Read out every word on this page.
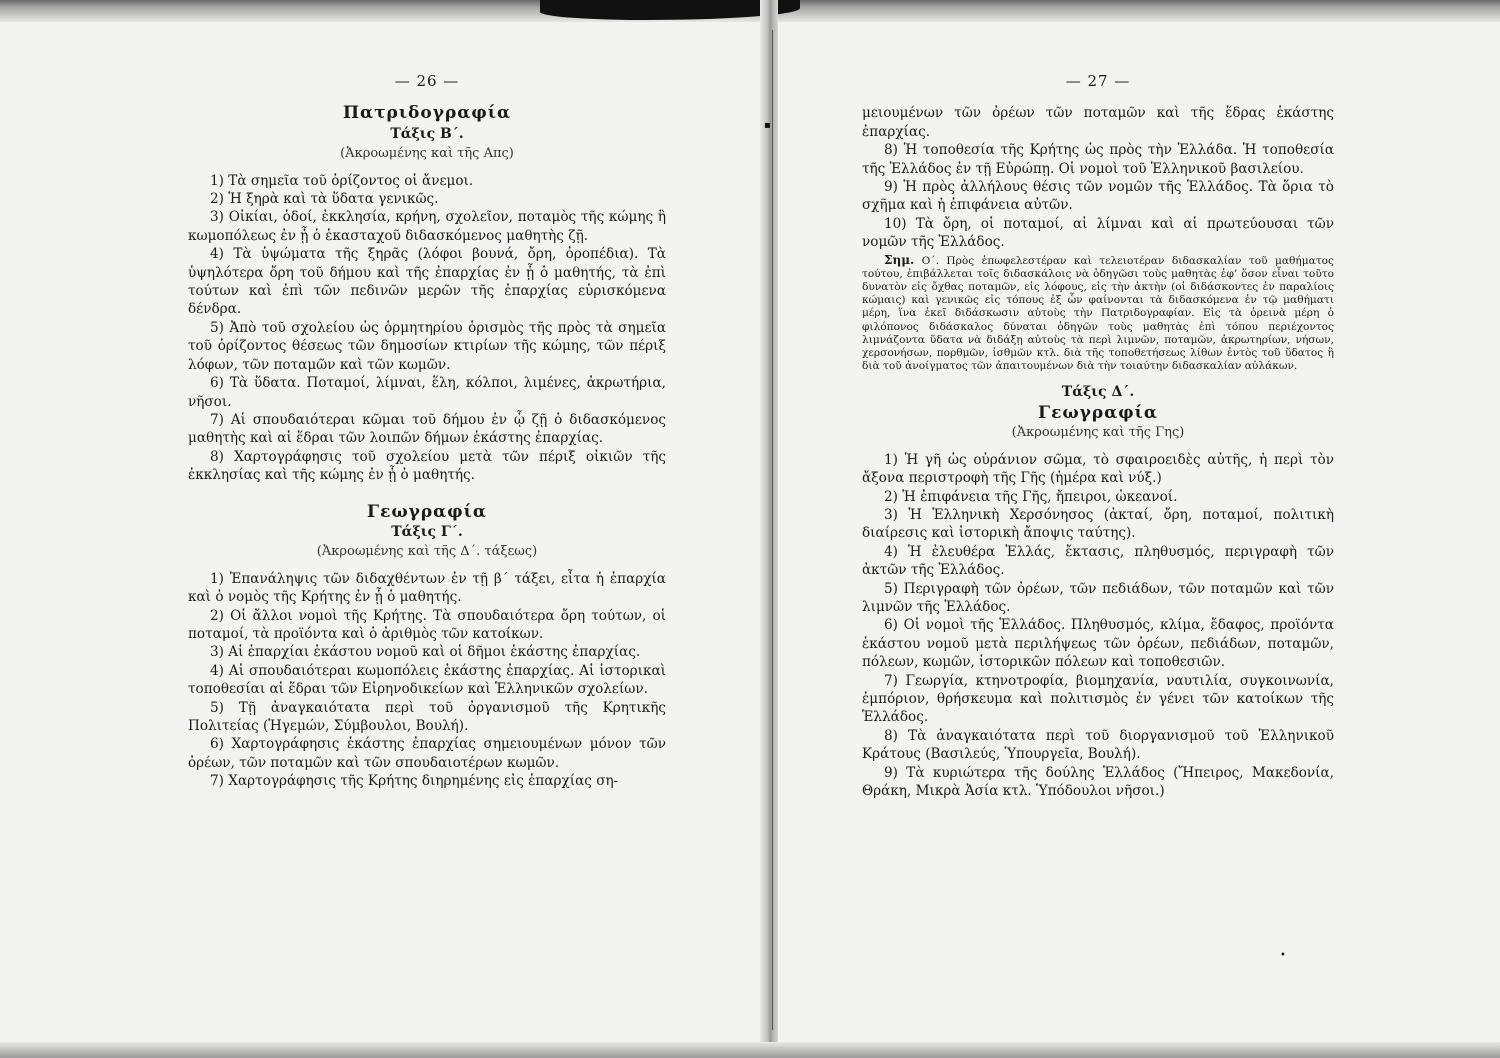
▪
•
— 26 —
Πατριδογραφία
Τάξις Β΄.
(Ἀκροωμένης καὶ τῆς Απς)

1) Τὰ σημεῖα τοῦ ὁρίζοντος οἱ ἄνεμοι.

2) Ἡ ξηρὰ καὶ τὰ ὕδατα γενικῶς.

3) Οἰκίαι, ὁδοί, ἐκκλησία, κρήνη, σχολεῖον, ποταμὸς τῆς κώμης ἢ κωμοπόλεως ἐν ᾗ ὁ ἑκασταχοῦ διδασκόμενος μαθητὴς ζῇ.

4) Τὰ ὑψώματα τῆς ξηρᾶς (λόφοι βουνά, ὄρη, ὀροπέδια). Τὰ ὑψηλότερα ὄρη τοῦ δήμου καὶ τῆς ἐπαρχίας ἐν ᾗ ὁ μαθητής, τὰ ἐπὶ τούτων καὶ ἐπὶ τῶν πεδινῶν μερῶν τῆς ἐπαρχίας εὑρισκόμενα δένδρα.

5) Ἀπὸ τοῦ σχολείου ὡς ὁρμητηρίου ὁρισμὸς τῆς πρὸς τὰ σημεῖα τοῦ ὁρίζοντος θέσεως τῶν δημοσίων κτιρίων τῆς κώμης, τῶν πέριξ λόφων, τῶν ποταμῶν καὶ τῶν κωμῶν.

6) Τὰ ὕδατα. Ποταμοί, λίμναι, ἕλη, κόλποι, λιμένες, ἀκρωτήρια, νῆσοι.

7) Αἱ σπουδαιότεραι κῶμαι τοῦ δήμου ἐν ᾧ ζῇ ὁ διδασκόμενος μαθητὴς καὶ αἱ ἕδραι τῶν λοιπῶν δήμων ἑκάστης ἐπαρχίας.

8) Χαρτογράφησις τοῦ σχολείου μετὰ τῶν πέριξ οἰκιῶν τῆς ἐκκλησίας καὶ τῆς κώμης ἐν ᾗ ὁ μαθητής.

Γεωγραφία
Τάξις Γ΄.
(Ἀκροωμένης καὶ τῆς Δ΄. τάξεως)

1) Ἐπανάληψις τῶν διδαχθέντων ἐν τῇ β΄ τάξει, εἶτα ἡ ἐπαρχία καὶ ὁ νομὸς τῆς Κρήτης ἐν ᾗ ὁ μαθητής.

2) Οἱ ἄλλοι νομοὶ τῆς Κρήτης. Τὰ σπουδαιότερα ὄρη τούτων, οἱ ποταμοί, τὰ προϊόντα καὶ ὁ ἀριθμὸς τῶν κατοίκων.

3) Αἱ ἐπαρχίαι ἑκάστου νομοῦ καὶ οἱ δῆμοι ἑκάστης ἐπαρχίας.

4) Αἱ σπουδαιότεραι κωμοπόλεις ἑκάστης ἐπαρχίας. Αἱ ἱστορικαὶ τοποθεσίαι αἱ ἕδραι τῶν Εἰρηνοδικείων καὶ Ἑλληνικῶν σχολείων.

5) Τῇ ἀναγκαιότατα περὶ τοῦ ὀργανισμοῦ τῆς Κρητικῆς Πολιτείας (Ἡγεμών, Σύμβουλοι, Βουλή).

6) Χαρτογράφησις ἑκάστης ἐπαρχίας σημειουμένων μόνον τῶν ὀρέων, τῶν ποταμῶν καὶ τῶν σπουδαιοτέρων κωμῶν.

7) Χαρτογράφησις τῆς Κρήτης διηρημένης εἰς ἐπαρχίας ση-

— 27 —

μειουμένων τῶν ὀρέων τῶν ποταμῶν καὶ τῆς ἕδρας ἑκάστης ἐπαρχίας.

8) Ἡ τοποθεσία τῆς Κρήτης ὡς πρὸς τὴν Ἑλλάδα. Ἡ τοποθεσία τῆς Ἑλλάδος ἐν τῇ Εὐρώπῃ. Οἱ νομοὶ τοῦ Ἑλληνικοῦ βασιλείου.

9) Ἡ πρὸς ἀλλήλους θέσις τῶν νομῶν τῆς Ἑλλάδος. Τὰ ὅρια τὸ σχῆμα καὶ ἡ ἐπιφάνεια αὐτῶν.

10) Τὰ ὄρη, οἱ ποταμοί, αἱ λίμναι καὶ αἱ πρωτεύουσαι τῶν νομῶν τῆς Ἑλλάδος.

Σημ. Ο΄. Πρὸς ἐπωφελεστέραν καὶ τελειοτέραν διδασκαλίαν τοῦ μαθήματος τούτου, ἐπιβάλλεται τοῖς διδασκάλοις νὰ ὁδηγῶσι τοὺς μαθητὰς ἐφ’ ὅσον εἶναι τοῦτο δυνατὸν εἰς ὄχθας ποταμῶν, εἰς λόφους, εἰς τὴν ἀκτὴν (οἱ διδάσκοντες ἐν παραλίοις κώμαις) καὶ γενικῶς εἰς τόπους ἐξ ὧν φαίνονται τὰ διδασκόμενα ἐν τῷ μαθήματι μέρη, ἵνα ἐκεῖ διδάσκωσιν αὐτοὺς τὴν Πατριδογραφίαν. Εἰς τὰ ὀρεινὰ μέρη ὁ φιλόπονος διδάσκαλος δύναται ὁδηγῶν τοὺς μαθητὰς ἐπὶ τόπου περιέχοντος λιμνάζοντα ὕδατα νὰ διδάξῃ αὐτοὺς τὰ περὶ λιμνῶν, ποταμῶν, ἀκρωτηρίων, νήσων, χερσονήσων, πορθμῶν, ἰσθμῶν κτλ. διὰ τῆς τοποθετήσεως λίθων ἐντὸς τοῦ ὕδατος ἢ διὰ τοῦ ἀνοίγματος τῶν ἀπαιτουμένων διὰ τὴν τοιαύτην διδασκαλίαν αὐλάκων.

Τάξις Δ΄.
Γεωγραφία
(Ἀκροωμένης καὶ τῆς Γης)

1) Ἡ γῆ ὡς οὐράνιον σῶμα, τὸ σφαιροειδὲς αὐτῆς, ἡ περὶ τὸν ἄξονα περιστροφὴ τῆς Γῆς (ἡμέρα καὶ νύξ.)

2) Ἡ ἐπιφάνεια τῆς Γῆς, ἤπειροι, ὠκεανοί.

3) Ἡ Ἑλληνικὴ Χερσόνησος (ἀκταί, ὄρη, ποταμοί, πολιτικὴ διαίρεσις καὶ ἱστορικὴ ἄποψις ταύτης).

4) Ἡ ἐλευθέρα Ἑλλάς, ἔκτασις, πληθυσμός, περιγραφὴ τῶν ἀκτῶν τῆς Ἑλλάδος.

5) Περιγραφὴ τῶν ὀρέων, τῶν πεδιάδων, τῶν ποταμῶν καὶ τῶν λιμνῶν τῆς Ἑλλάδος.

6) Οἱ νομοὶ τῆς Ἑλλάδος. Πληθυσμός, κλίμα, ἔδαφος, προϊόντα ἑκάστου νομοῦ μετὰ περιλήψεως τῶν ὀρέων, πεδιάδων, ποταμῶν, πόλεων, κωμῶν, ἱστορικῶν πόλεων καὶ τοποθεσιῶν.

7) Γεωργία, κτηνοτροφία, βιομηχανία, ναυτιλία, συγκοινωνία, ἐμπόριον, θρήσκευμα καὶ πολιτισμὸς ἐν γένει τῶν κατοίκων τῆς Ἑλλάδος.

8) Τὰ ἀναγκαιότατα περὶ τοῦ διοργανισμοῦ τοῦ Ἑλληνικοῦ Κράτους (Βασιλεύς, Ὑπουργεῖα, Βουλή).

9) Τὰ κυριώτερα τῆς δούλης Ἑλλάδος (Ἤπειρος, Μακεδονία, Θράκη, Μικρὰ Ἀσία κτλ. Ὑπόδουλοι νῆσοι.)
